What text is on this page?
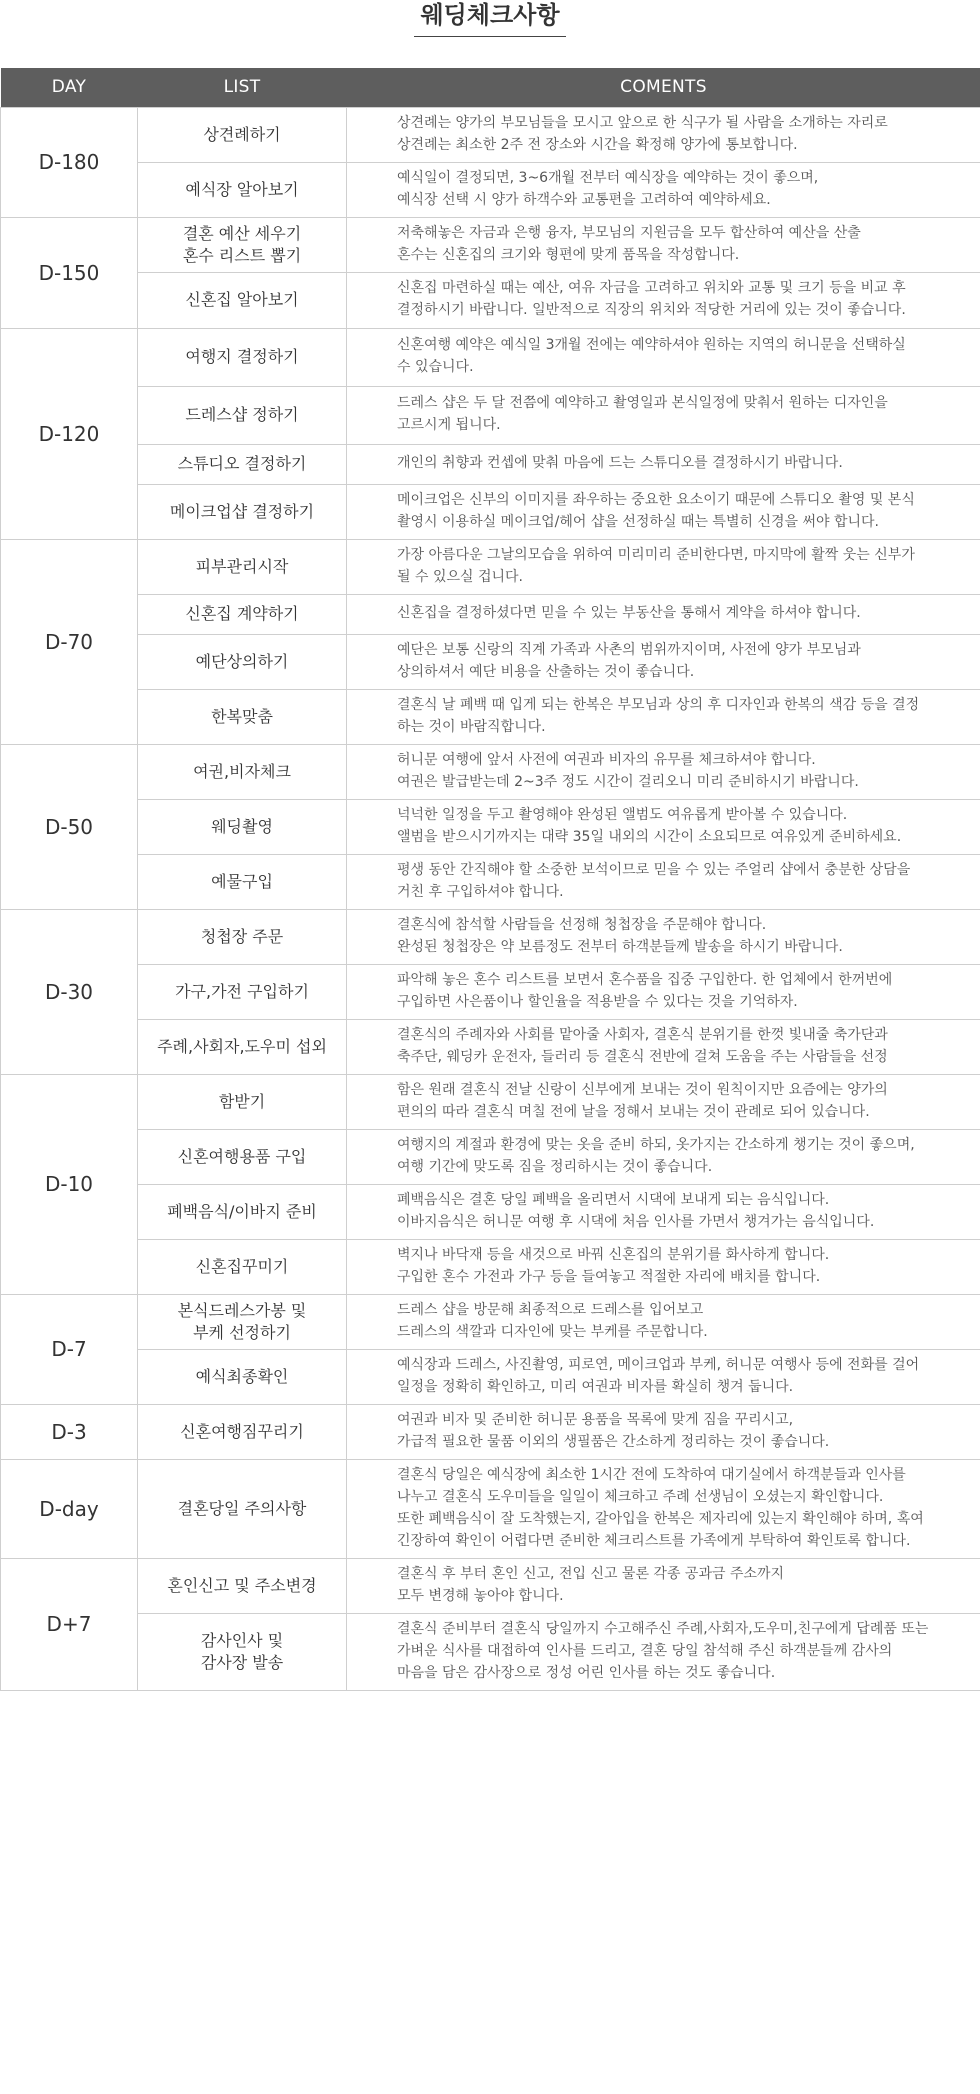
웨딩체크사항
DAY	LIST	COMENTS
D-180	상견례하기	상견례는 양가의 부모님들을 모시고 앞으로 한 식구가 될 사람을 소개하는 자리로
상견례는 최소한 2주 전 장소와 시간을 확정해 양가에 통보합니다.

	예식장 알아보기	예식일이 결정되면, 3~6개월 전부터 예식장을 예약하는 것이 좋으며,
예식장 선택 시 양가 하객수와 교통편을 고려하여 예약하세요.

D-150	결혼 예산 세우기
혼수 리스트 뽑기	저축해놓은 자금과 은행 융자, 부모님의 지원금을 모두 합산하여 예산을 산출
혼수는 신혼집의 크기와 형편에 맞게 품목을 작성합니다.

	신혼집 알아보기	신혼집 마련하실 때는 예산, 여유 자금을 고려하고 위치와 교통 및 크기 등을 비교 후
결정하시기 바랍니다. 일반적으로 직장의 위치와 적당한 거리에 있는 것이 좋습니다.

D-120	여행지 결정하기	신혼여행 예약은 예식일 3개월 전에는 예약하셔야 원하는 지역의 허니문을 선택하실
수 있습니다.

	드레스샵 정하기	드레스 샵은 두 달 전쯤에 예약하고 촬영일과 본식일정에 맞춰서 원하는 디자인을
고르시게 됩니다.

	스튜디오 결정하기	개인의 취향과 컨셉에 맞춰 마음에 드는 스튜디오를 결정하시기 바랍니다.

	메이크업샵 결정하기	메이크업은 신부의 이미지를 좌우하는 중요한 요소이기 때문에 스튜디오 촬영 및 본식
촬영시 이용하실 메이크업/헤어 샵을 선정하실 때는 특별히 신경을 써야 합니다.

D-70	피부관리시작	가장 아름다운 그날의모습을 위하여 미리미리 준비한다면, 마지막에 활짝 웃는 신부가
될 수 있으실 겁니다.

	신혼집 계약하기	신혼집을 결정하셨다면 믿을 수 있는 부동산을 통해서 계약을 하셔야 합니다.

	예단상의하기	예단은 보통 신랑의 직계 가족과 사촌의 범위까지이며, 사전에 양가 부모님과
상의하셔서 예단 비용을 산출하는 것이 좋습니다.

	한복맞춤	결혼식 날 폐백 때 입게 되는 한복은 부모님과 상의 후 디자인과 한복의 색감 등을 결정
하는 것이 바람직합니다.

D-50	여권,비자체크	허니문 여행에 앞서 사전에 여권과 비자의 유무를 체크하셔야 합니다.
여권은 발급받는데 2~3주 정도 시간이 걸리오니 미리 준비하시기 바랍니다.

	웨딩촬영	넉넉한 일정을 두고 촬영해야 완성된 앨범도 여유롭게 받아볼 수 있습니다.
앨범을 받으시기까지는 대략 35일 내외의 시간이 소요되므로 여유있게 준비하세요.

	예물구입	평생 동안 간직해야 할 소중한 보석이므로 믿을 수 있는 주얼리 샵에서 충분한 상담을
거친 후 구입하셔야 합니다.

D-30	청첩장 주문	결혼식에 참석할 사람들을 선정해 청첩장을 주문해야 합니다.
완성된 청첩장은 약 보름정도 전부터 하객분들께 발송을 하시기 바랍니다.

	가구,가전 구입하기	파악해 놓은 혼수 리스트를 보면서 혼수품을 집중 구입한다. 한 업체에서 한꺼번에
구입하면 사은품이나 할인율을 적용받을 수 있다는 것을 기억하자.

	주례,사회자,도우미 섭외	결혼식의 주례자와 사회를 맡아줄 사회자, 결혼식 분위기를 한껏 빛내줄 축가단과
축주단, 웨딩카 운전자, 들러리 등 결혼식 전반에 걸쳐 도움을 주는 사람들을 선정

D-10	함받기	함은 원래 결혼식 전날 신랑이 신부에게 보내는 것이 원칙이지만 요즘에는 양가의
편의의 따라 결혼식 며칠 전에 날을 정해서 보내는 것이 관례로 되어 있습니다.

	신혼여행용품 구입	여행지의 계절과 환경에 맞는 옷을 준비 하되, 옷가지는 간소하게 챙기는 것이 좋으며,
여행 기간에 맞도록 짐을 정리하시는 것이 좋습니다.

	폐백음식/이바지 준비	폐백음식은 결혼 당일 폐백을 올리면서 시댁에 보내게 되는 음식입니다.
이바지음식은 허니문 여행 후 시댁에 처음 인사를 가면서 챙겨가는 음식입니다.

	신혼집꾸미기	벽지나 바닥재 등을 새것으로 바꿔 신혼집의 분위기를 화사하게 합니다.
구입한 혼수 가전과 가구 등을 들여놓고 적절한 자리에 배치를 합니다.

D-7	본식드레스가봉 및
부케 선정하기	드레스 샵을 방문해 최종적으로 드레스를 입어보고
드레스의 색깔과 디자인에 맞는 부케를 주문합니다.

	예식최종확인	예식장과 드레스, 사진촬영, 피로연, 메이크업과 부케, 허니문 여행사 등에 전화를 걸어
일정을 정확히 확인하고, 미리 여권과 비자를 확실히 챙겨 둡니다.

D-3	신혼여행짐꾸리기	여권과 비자 및 준비한 허니문 용품을 목록에 맞게 짐을 꾸리시고,
가급적 필요한 물품 이외의 생필품은 간소하게 정리하는 것이 좋습니다.

D-day	결혼당일 주의사항	결혼식 당일은 예식장에 최소한 1시간 전에 도착하여 대기실에서 하객분들과 인사를
나누고 결혼식 도우미들을 일일이 체크하고 주례 선생님이 오셨는지 확인합니다.
또한 폐백음식이 잘 도착했는지, 갈아입을 한복은 제자리에 있는지 확인해야 하며, 혹여
긴장하여 확인이 어렵다면 준비한 체크리스트를 가족에게 부탁하여 확인토록 합니다.

D+7	혼인신고 및 주소변경	결혼식 후 부터 혼인 신고, 전입 신고 물론 각종 공과금 주소까지
모두 변경해 놓아야 합니다.

	감사인사 및
감사장 발송	결혼식 준비부터 결혼식 당일까지 수고해주신 주례,사회자,도우미,친구에게 답례품 또는
가벼운 식사를 대접하여 인사를 드리고, 결혼 당일 참석해 주신 하객분들께 감사의
마음을 담은 감사장으로 정성 어린 인사를 하는 것도 좋습니다.
